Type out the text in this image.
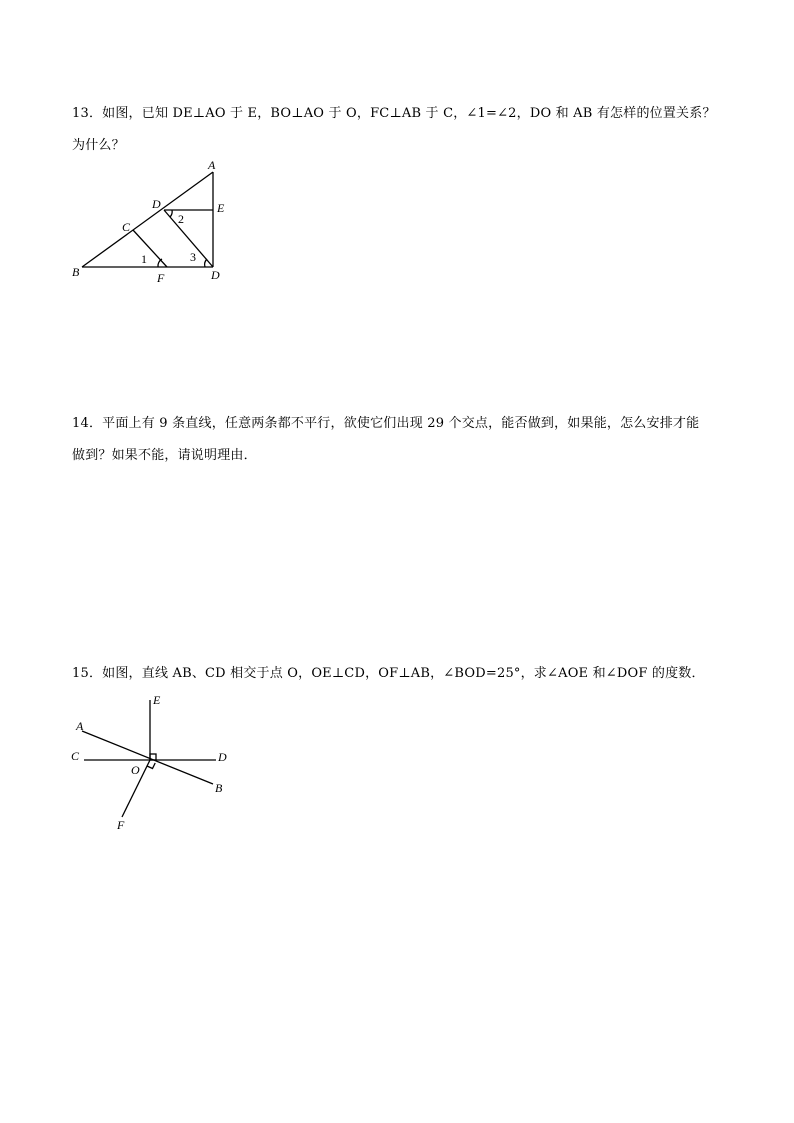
13．如图，已知 DE⊥AO 于 E，BO⊥AO 于 O，FC⊥AB 于 C，∠1=∠2，DO 和 AB 有怎样的位置关系？ 为什么？
A
D	E
2
C
1	3
B	F	D
14．平面上有 9 条直线，任意两条都不平行，欲使它们出现 29 个交点，能否做到，如果能，怎么安排才能 做到？如果不能，请说明理由．
15．如图，直线 AB、CD 相交于点 O，OE⊥CD，OF⊥AB，∠BOD=25°，求∠AOE 和∠DOF 的度数．
E
A
C	D
O
B
F
